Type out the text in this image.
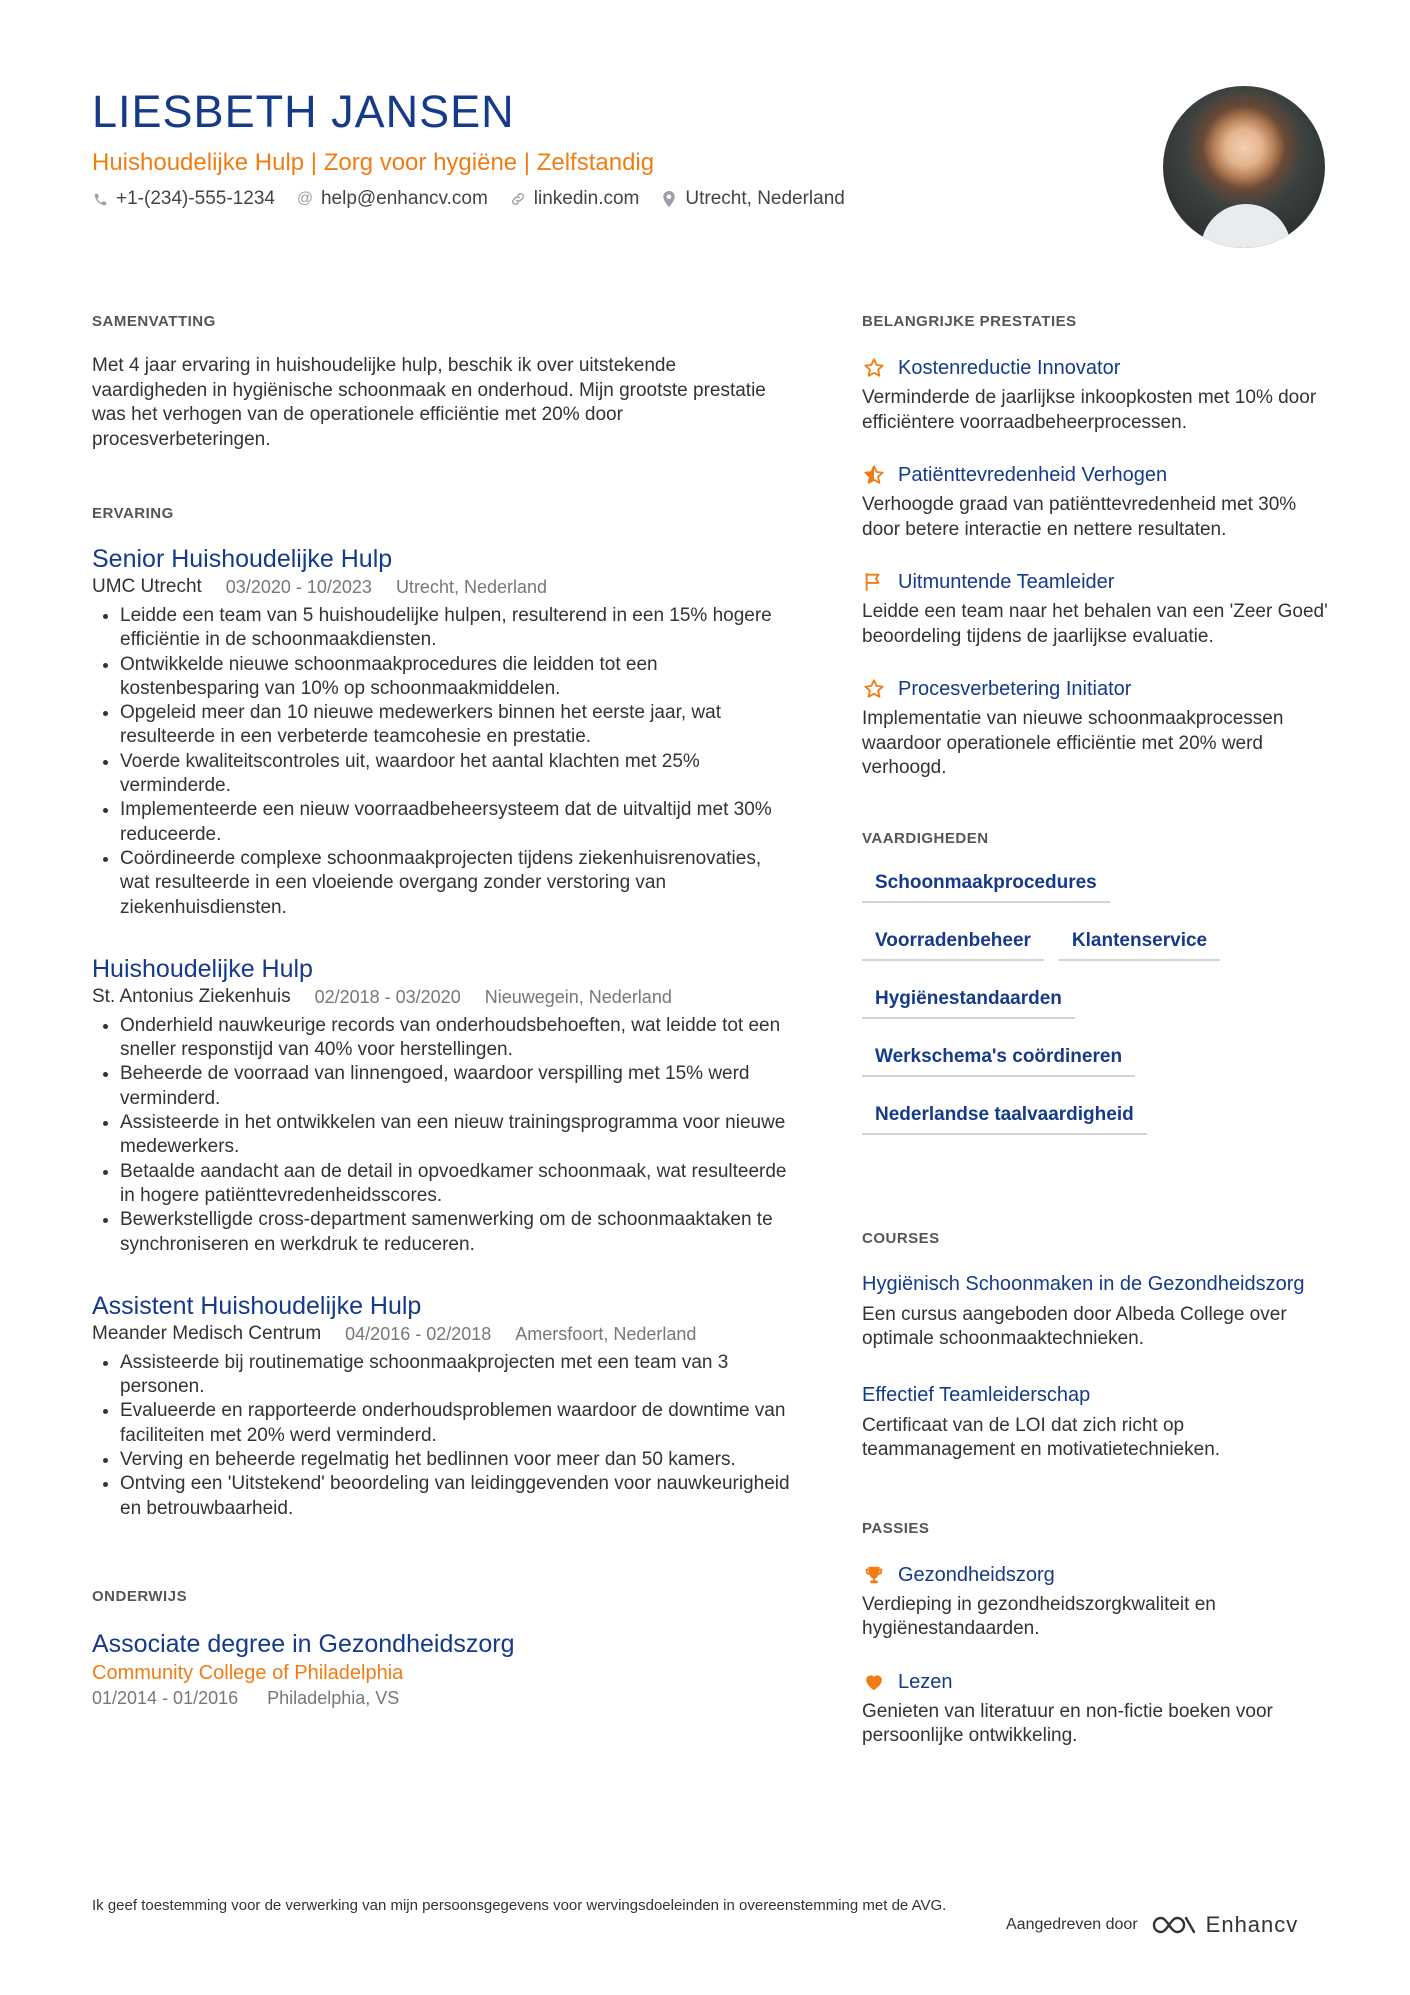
LIESBETH JANSEN
Huishoudelijke Hulp | Zorg voor hygiëne | Zelfstandig
+1-(234)-555-1234 @ help@enhancv.com linkedin.com Utrecht, Nederland
SAMENVATTING

Met 4 jaar ervaring in huishoudelijke hulp, beschik ik over uitstekende vaardigheden in hygiënische schoonmaak en onderhoud. Mijn grootste prestatie was het verhogen van de operationele efficiëntie met 20% door procesverbeteringen.

ERVARING
Senior Huishoudelijke Hulp
UMC Utrecht 03/2020 - 10/2023 Utrecht, Nederland
• Leidde een team van 5 huishoudelijke hulpen, resulterend in een 15% hogere efficiëntie in de schoonmaakdiensten.
• Ontwikkelde nieuwe schoonmaakprocedures die leidden tot een kostenbesparing van 10% op schoonmaakmiddelen.
• Opgeleid meer dan 10 nieuwe medewerkers binnen het eerste jaar, wat resulteerde in een verbeterde teamcohesie en prestatie.
• Voerde kwaliteitscontroles uit, waardoor het aantal klachten met 25% verminderde.
• Implementeerde een nieuw voorraadbeheersysteem dat de uitvaltijd met 30% reduceerde.
• Coördineerde complexe schoonmaakprojecten tijdens ziekenhuisrenovaties, wat resulteerde in een vloeiende overgang zonder verstoring van ziekenhuisdiensten.
Huishoudelijke Hulp
St. Antonius Ziekenhuis 02/2018 - 03/2020 Nieuwegein, Nederland
• Onderhield nauwkeurige records van onderhoudsbehoeften, wat leidde tot een sneller responstijd van 40% voor herstellingen.
• Beheerde de voorraad van linnengoed, waardoor verspilling met 15% werd verminderd.
• Assisteerde in het ontwikkelen van een nieuw trainingsprogramma voor nieuwe medewerkers.
• Betaalde aandacht aan de detail in opvoedkamer schoonmaak, wat resulteerde in hogere patiënttevredenheidsscores.
• Bewerkstelligde cross-department samenwerking om de schoonmaaktaken te synchroniseren en werkdruk te reduceren.
Assistent Huishoudelijke Hulp
Meander Medisch Centrum 04/2016 - 02/2018 Amersfoort, Nederland
• Assisteerde bij routinematige schoonmaakprojecten met een team van 3 personen.
• Evalueerde en rapporteerde onderhoudsproblemen waardoor de downtime van faciliteiten met 20% werd verminderd.
• Verving en beheerde regelmatig het bedlinnen voor meer dan 50 kamers.
• Ontving een 'Uitstekend' beoordeling van leidinggevenden voor nauwkeurigheid en betrouwbaarheid.
ONDERWIJS
Associate degree in Gezondheidszorg
Community College of Philadelphia
01/2014 - 01/2016 Philadelphia, VS
BELANGRIJKE PRESTATIES
Kostenreductie Innovator
Verminderde de jaarlijkse inkoopkosten met 10% door efficiëntere voorraadbeheerprocessen.
Patiënttevredenheid Verhogen
Verhoogde graad van patiënttevredenheid met 30% door betere interactie en nettere resultaten.
Uitmuntende Teamleider
Leidde een team naar het behalen van een 'Zeer Goed' beoordeling tijdens de jaarlijkse evaluatie.
Procesverbetering Initiator
Implementatie van nieuwe schoonmaakprocessen waardoor operationele efficiëntie met 20% werd verhoogd.
VAARDIGHEDEN
Schoonmaakprocedures
Voorradenbeheer	Klantenservice
Hygiënestandaarden
Werkschema's coördineren
Nederlandse taalvaardigheid
COURSES
Hygiënisch Schoonmaken in de Gezondheidszorg
Een cursus aangeboden door Albeda College over optimale schoonmaaktechnieken.
Effectief Teamleiderschap
Certificaat van de LOI dat zich richt op teammanagement en motivatietechnieken.
PASSIES
Gezondheidszorg
Verdieping in gezondheidszorgkwaliteit en hygiënestandaarden.
Lezen
Genieten van literatuur en non-fictie boeken voor persoonlijke ontwikkeling.
Ik geef toestemming voor de verwerking van mijn persoonsgegevens voor wervingsdoeleinden in overeenstemming met de AVG.
Aangedreven door	Enhancv
